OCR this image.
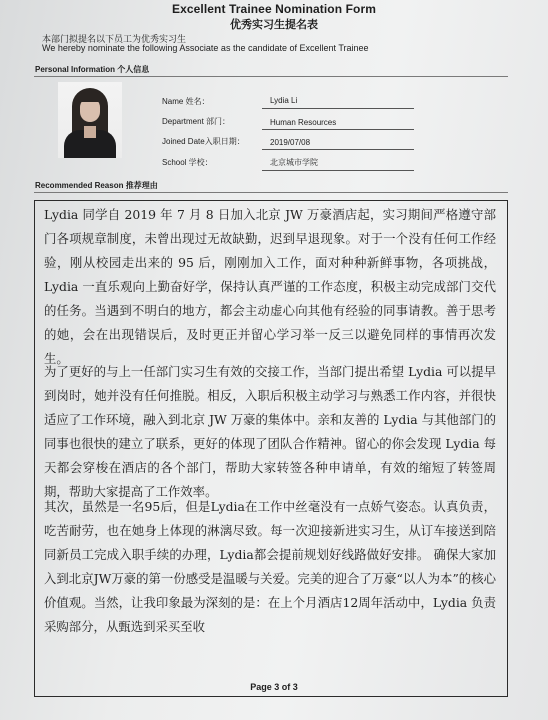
Excellent Trainee Nomination Form
优秀实习生提名表
本部门拟提名以下员工为优秀实习生
We hereby nominate the following Associate as the candidate of Excellent Trainee
Personal Information 个人信息
Name 姓名：	Lydia Li
Department 部门：	Human Resources
Joined Date入职日期：	2019/07/08
School 学校：	北京城市学院
Recommended Reason 推荐理由
Lydia 同学自 2019 年 7 月 8 日加入北京 JW 万豪酒店起，实习期间严格遵守部门各项规章制度，未曾出现过无故缺勤，迟到早退现象。对于一个没有任何工作经验，刚从校园走出来的 95 后，刚刚加入工作，面对种种新鲜事物，各项挑战，Lydia 一直乐观向上勤奋好学，保持认真严谨的工作态度，积极主动完成部门交代的任务。当遇到不明白的地方，都会主动虚心向其他有经验的同事请教。善于思考的她，会在出现错误后，及时更正并留心学习举一反三以避免同样的事情再次发生。
为了更好的与上一任部门实习生有效的交接工作，当部门提出希望 Lydia 可以提早到岗时，她并没有任何推脱。相反，入职后积极主动学习与熟悉工作内容，并很快适应了工作环境，融入到北京 JW 万豪的集体中。亲和友善的 Lydia 与其他部门的同事也很快的建立了联系，更好的体现了团队合作精神。留心的你会发现 Lydia 每天都会穿梭在酒店的各个部门，帮助大家转签各种申请单，有效的缩短了转签周期，帮助大家提高了工作效率。
其次，虽然是一名95后，但是Lydia在工作中丝毫没有一点娇气姿态。认真负责，吃苦耐劳，也在她身上体现的淋漓尽致。每一次迎接新进实习生，从订车接送到陪同新员工完成入职手续的办理，Lydia都会提前规划好线路做好安排。 确保大家加入到北京JW万豪的第一份感受是温暖与关爱。完美的迎合了万豪“以人为本”的核心价值观。当然，让我印象最为深刻的是：在上个月酒店12周年活动中，Lydia 负责采购部分，从甄选到采买至收
Page 3 of 3
